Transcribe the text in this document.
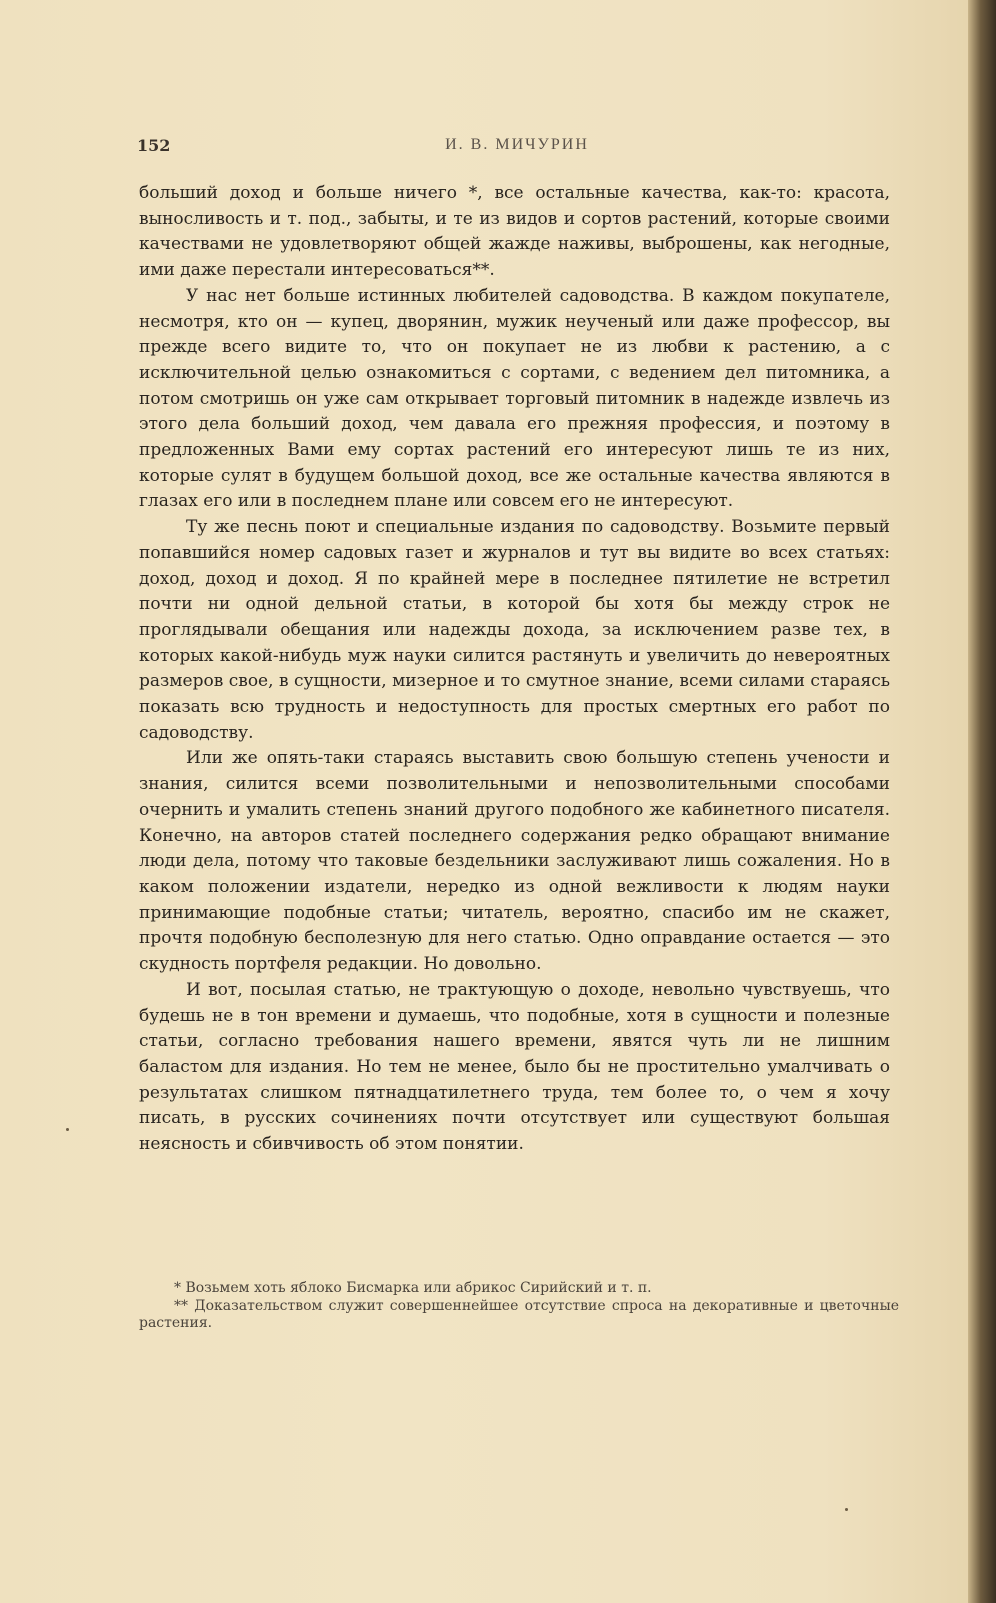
152	И. В. МИЧУРИН

больший доход и больше ничего *, все остальные качества, как-то: красота, выносливость и т. под., забыты, и те из видов и сортов растений, которые своими качествами не удовлетворяют общей жажде наживы, выброшены, как негодные, ими даже перестали интересоваться**.

У нас нет больше истинных любителей садоводства. В каждом покупателе, несмотря, кто он — купец, дворянин, мужик неученый или даже профессор, вы прежде всего видите то, что он покупает не из любви к растению, а с исключительной целью ознакомиться с сортами, с ведением дел питомника, а потом смотришь он уже сам открывает торговый питомник в надежде извлечь из этого дела больший доход, чем давала его прежняя профессия, и поэтому в предложенных Вами ему сортах растений его интересуют лишь те из них, которые сулят в будущем большой доход, все же остальные качества являются в глазах его или в последнем плане или совсем его не интересуют.

Ту же песнь поют и специальные издания по садоводству. Возьмите первый попавшийся номер садовых газет и журналов и тут вы видите во всех статьях: доход, доход и доход. Я по крайней мере в последнее пятилетие не встретил почти ни одной дельной статьи, в которой бы хотя бы между строк не проглядывали обещания или надежды дохода, за исключением разве тех, в которых какой-нибудь муж науки силится растянуть и увеличить до невероятных размеров свое, в сущности, мизерное и то смутное знание, всеми силами стараясь показать всю трудность и недоступность для простых смертных его работ по садоводству.

Или же опять-таки стараясь выставить свою большую степень учености и знания, силится всеми позволительными и непозволительными способами очернить и умалить степень знаний другого подобного же кабинетного писателя. Конечно, на авторов статей последнего содержания редко обращают внимание люди дела, потому что таковые бездельники заслуживают лишь сожаления. Но в каком положении издатели, нередко из одной вежливости к людям науки принимающие подобные статьи; читатель, вероятно, спасибо им не скажет, прочтя подобную бесполезную для него статью. Одно оправдание остается — это скудность портфеля редакции. Но довольно.

И вот, посылая статью, не трактующую о доходе, невольно чувствуешь, что будешь не в тон времени и думаешь, что подобные, хотя в сущности и полезные статьи, согласно требования нашего времени, явятся чуть ли не лишним баластом для издания. Но тем не менее, было бы не простительно умалчивать о результатах слишком пятнадцатилетнего труда, тем более то, о чем я хочу писать, в русских сочинениях почти отсутствует или существуют большая неясность и сбивчивость об этом понятии.

* Возьмем хоть яблоко Бисмарка или абрикос Сирийский и т. п.

** Доказательством служит совершеннейшее отсутствие спроса на декоративные и цветочные растения.
